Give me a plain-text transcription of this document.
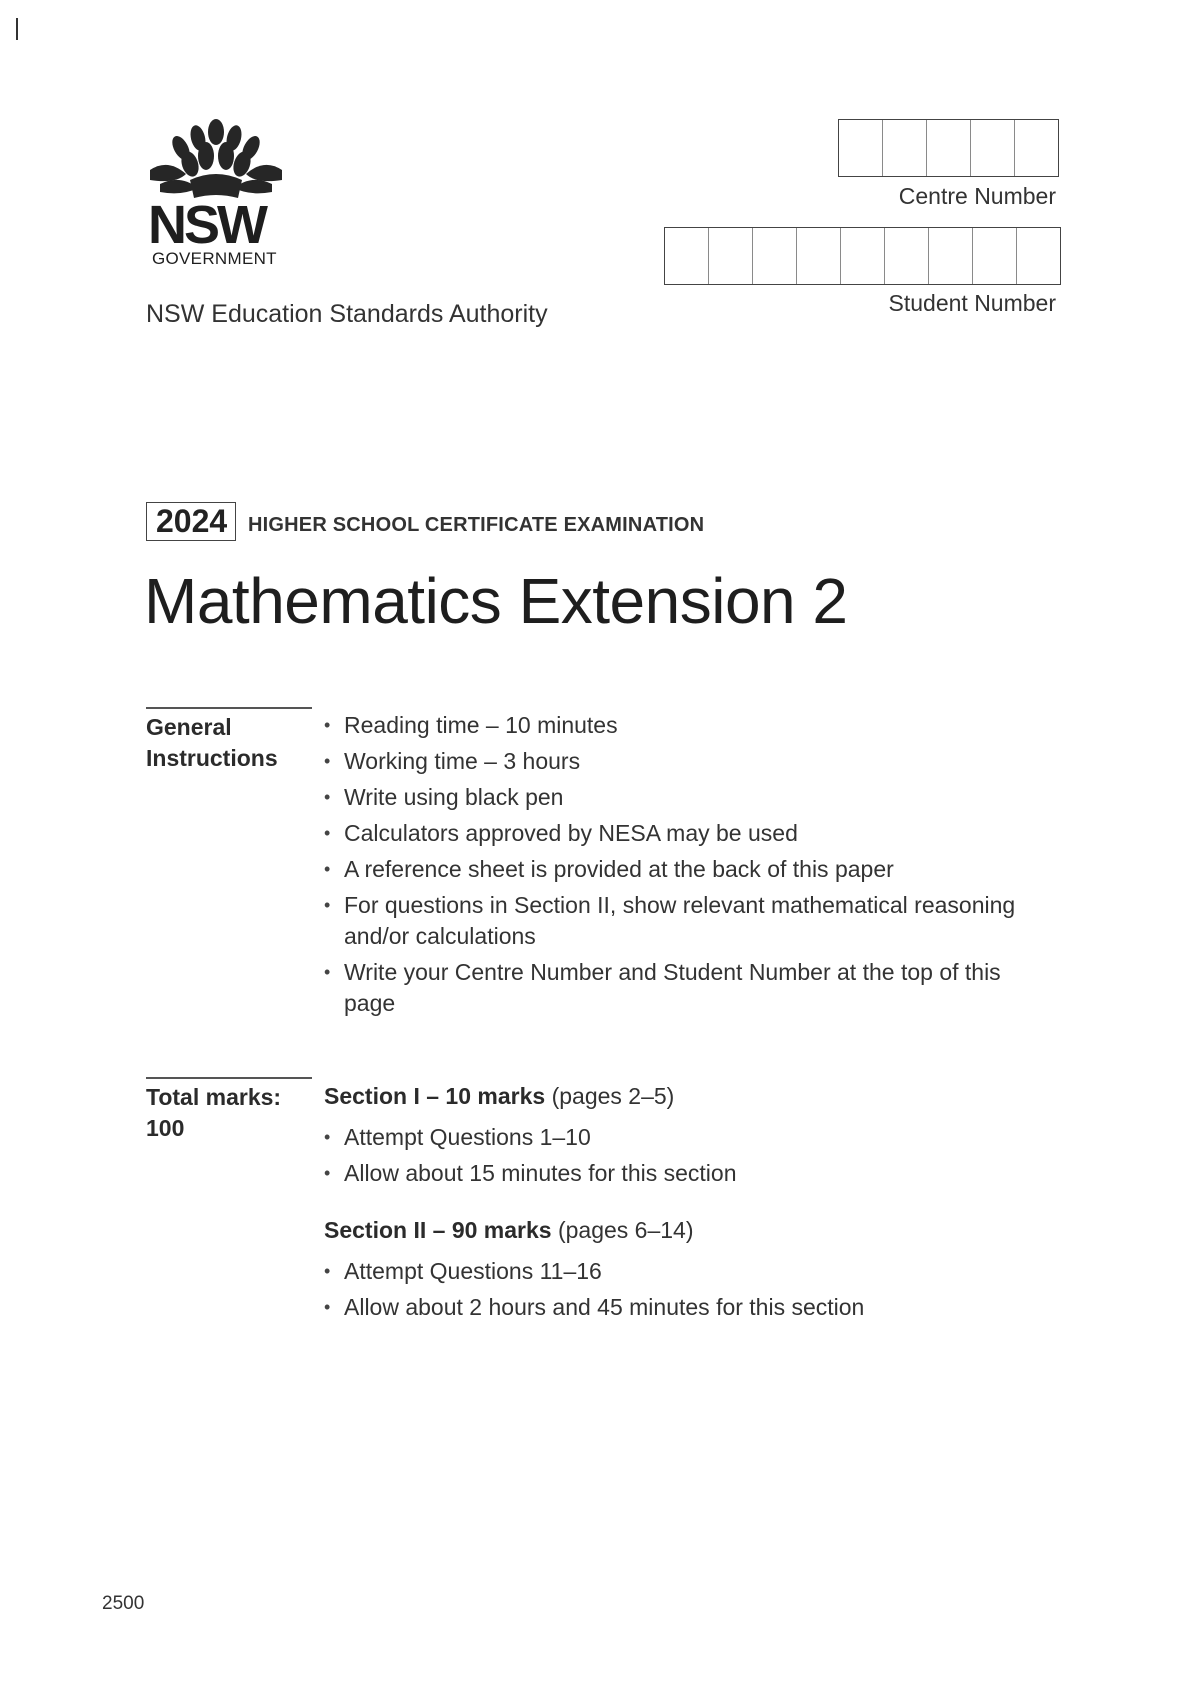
NSW
GOVERNMENT
NSW Education Standards Authority
Centre Number
Student Number
2024	HIGHER SCHOOL CERTIFICATE EXAMINATION
Mathematics Extension 2
General
Instructions
• Reading time – 10 minutes
• Working time – 3 hours
• Write using black pen
• Calculators approved by NESA may be used
• A reference sheet is provided at the back of this paper
• For questions in Section II, show relevant mathematical reasoning and/or calculations
• Write your Centre Number and Student Number at the top of this page
Total marks:
100
Section I – 10 marks (pages 2–5)
• Attempt Questions 1–10
• Allow about 15 minutes for this section
Section II – 90 marks (pages 6–14)
• Attempt Questions 11–16
• Allow about 2 hours and 45 minutes for this section
2500
